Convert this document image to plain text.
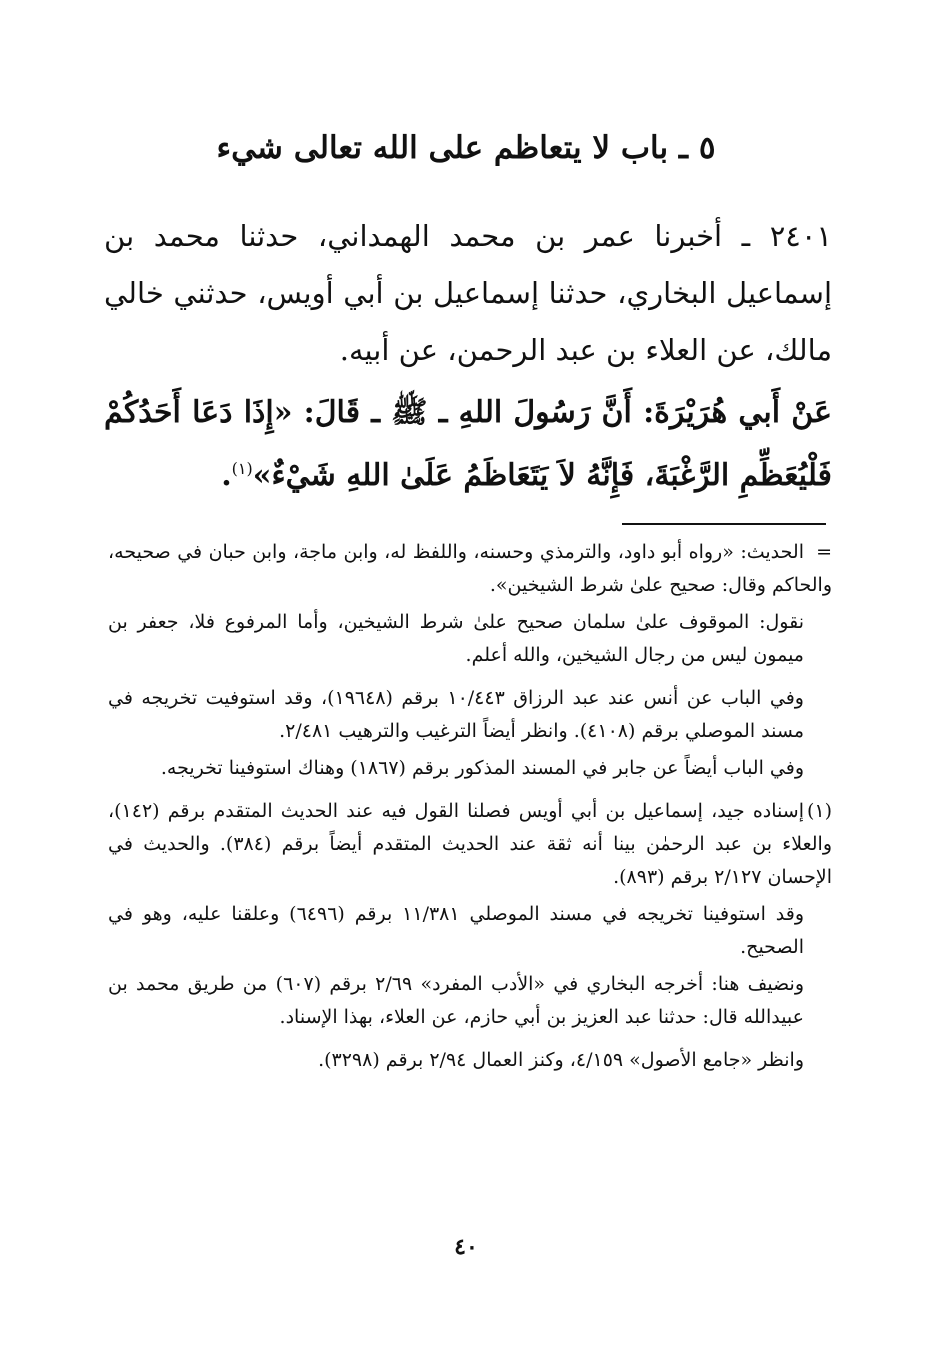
٥ ـ باب لا يتعاظم على الله تعالى شيء

٢٤٠١ ـ أخبرنا عمر بن محمد الهمداني، حدثنا محمد بن إسماعيل البخاري، حدثنا إسماعيل بن أبي أويس، حدثني خالي مالك، عن العلاء بن عبد الرحمن، عن أبيه.

عَنْ أَبي هُرَيْرَةَ: أَنَّ رَسُولَ اللهِ ـ ﷺ ـ قَالَ: «إِذَا دَعَا أَحَدُكُمْ فَلْيُعَظِّمِ الرَّغْبَةَ، فَإِنَّهُ لاَ يَتَعَاظَمُ عَلَىٰ اللهِ شَيْءٌ»$^{(١)}$.

=الحديث: «رواه أبو داود، والترمذي وحسنه، واللفظ له، وابن ماجة، وابن حبان في صحيحه، والحاكم وقال: صحيح علىٰ شرط الشيخين».

نقول: الموقوف علىٰ سلمان صحيح علىٰ شرط الشيخين، وأما المرفوع فلا، جعفر بن ميمون ليس من رجال الشيخين، والله أعلم.

وفي الباب عن أنس عند عبد الرزاق ١٠/٤٤٣ برقم (١٩٦٤٨)، وقد استوفيت تخريجه في مسند الموصلي برقم (٤١٠٨). وانظر أيضاً الترغيب والترهيب ٢/٤٨١.

وفي الباب أيضاً عن جابر في المسند المذكور برقم (١٨٦٧) وهناك استوفينا تخريجه.

(١)إسناده جيد، إسماعيل بن أبي أويس فصلنا القول فيه عند الحديث المتقدم برقم (١٤٢)، والعلاء بن عبد الرحمٰن بينا أنه ثقة عند الحديث المتقدم أيضاً برقم (٣٨٤). والحديث في الإحسان ٢/١٢٧ برقم (٨٩٣).

وقد استوفينا تخريجه في مسند الموصلي ١١/٣٨١ برقم (٦٤٩٦) وعلقنا عليه، وهو في الصحيح.

ونضيف هنا: أخرجه البخاري في «الأدب المفرد» ٢/٦٩ برقم (٦٠٧) من طريق محمد بن عبيدالله قال: حدثنا عبد العزيز بن أبي حازم، عن العلاء، بهذا الإسناد.

وانظر «جامع الأصول» ٤/١٥٩، وكنز العمال ٢/٩٤ برقم (٣٢٩٨).

٤٠
